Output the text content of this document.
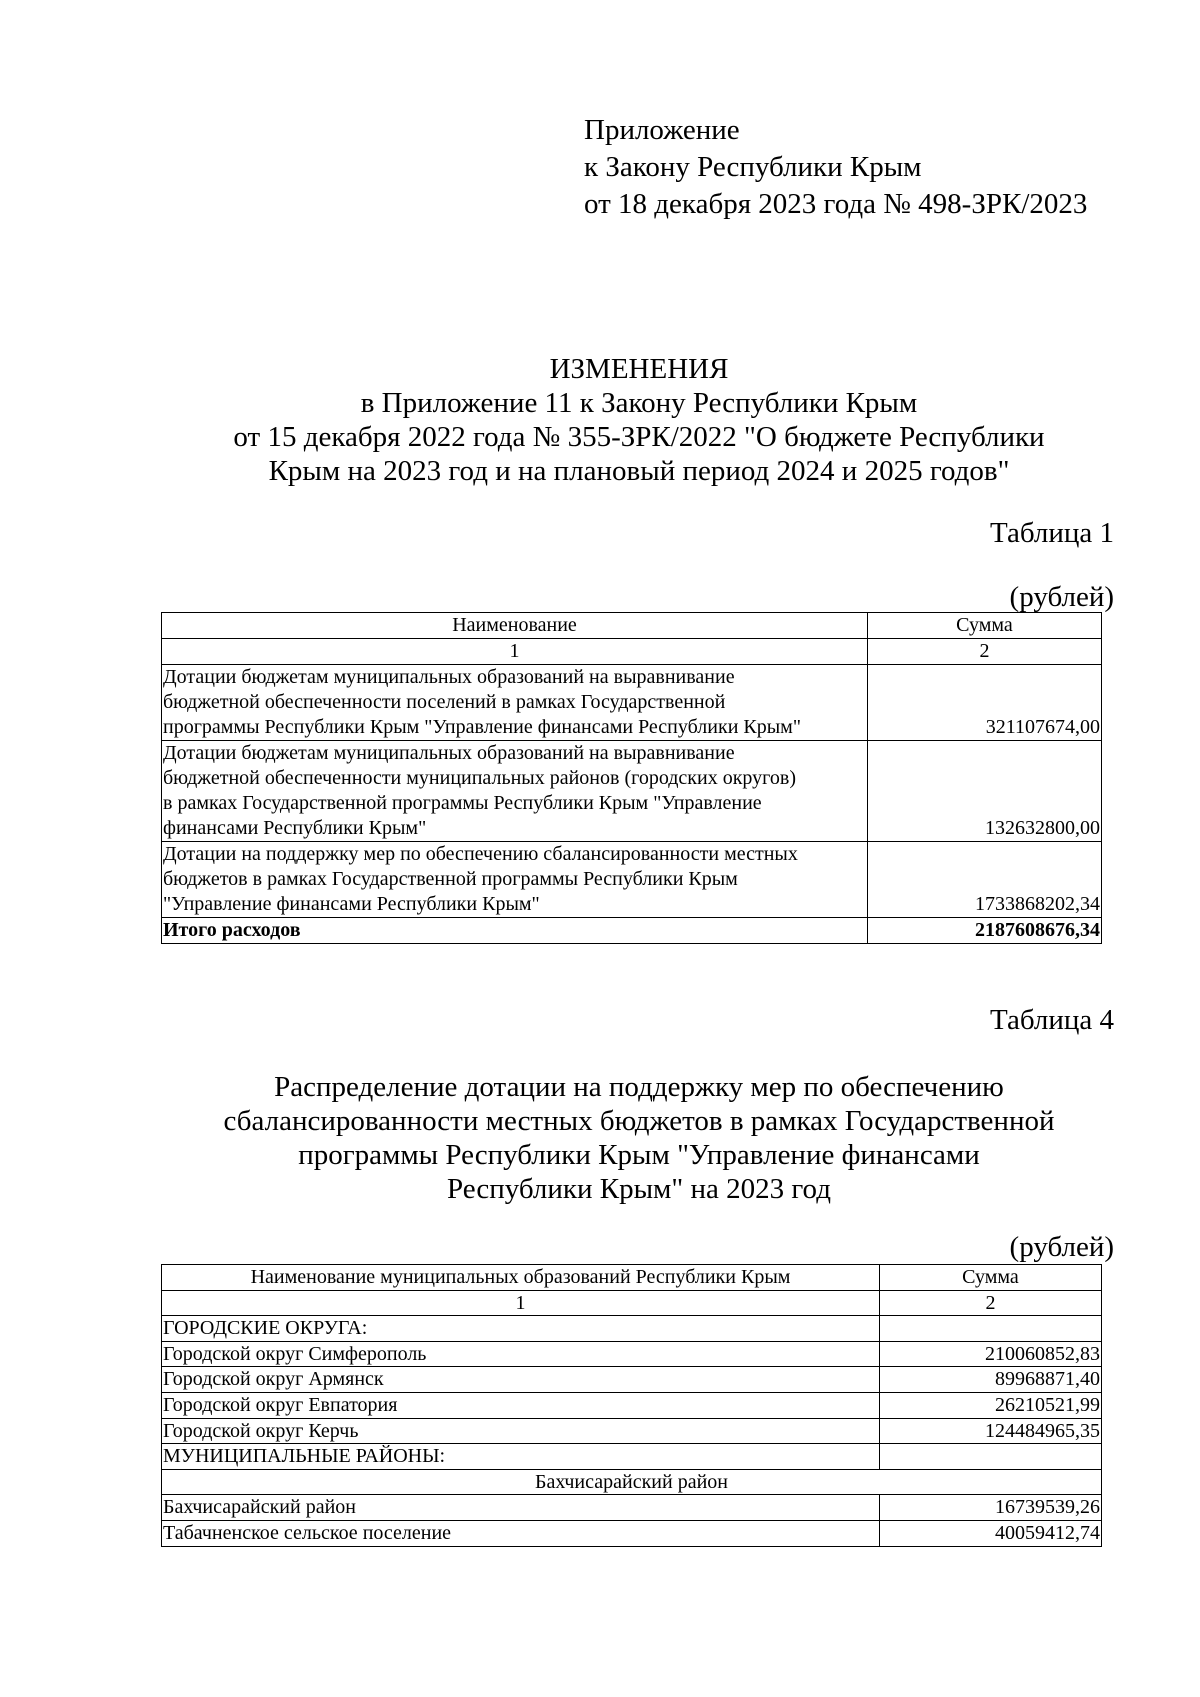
Приложение
к Закону Республики Крым
от 18 декабря 2023 года № 498-ЗРК/2023
ИЗМЕНЕНИЯ
в Приложение 11 к Закону Республики Крым
от 15 декабря 2022 года № 355-ЗРК/2022 "О бюджете Республики
Крым на 2023 год и на плановый период 2024 и 2025 годов"
Таблица 1
(рублей)
Наименование	Сумма
1	2

Дотации бюджетам муниципальных образований на выравнивание
бюджетной обеспеченности поселений в рамках Государственной
программы Республики Крым "Управление финансами Республики Крым"	321107674,00

Дотации бюджетам муниципальных образований на выравнивание
бюджетной обеспеченности муниципальных районов (городских округов)
в рамках Государственной программы Республики Крым "Управление
финансами Республики Крым"	132632800,00

Дотации на поддержку мер по обеспечению сбалансированности местных
бюджетов в рамках Государственной программы Республики Крым
"Управление финансами Республики Крым"	1733868202,34
Итого расходов	2187608676,34
Таблица 4
Распределение дотации на поддержку мер по обеспечению
сбалансированности местных бюджетов в рамках Государственной
программы Республики Крым "Управление финансами
Республики Крым" на 2023 год
(рублей)
Наименование муниципальных образований Республики Крым	Сумма
1	2
ГОРОДСКИЕ ОКРУГА:	
Городской округ Симферополь	210060852,83
Городской округ Армянск	89968871,40
Городской округ Евпатория	26210521,99
Городской округ Керчь	124484965,35
МУНИЦИПАЛЬНЫЕ РАЙОНЫ:	
Бахчисарайский район	
Бахчисарайский район	16739539,26
Табачненское сельское поселение	40059412,74
